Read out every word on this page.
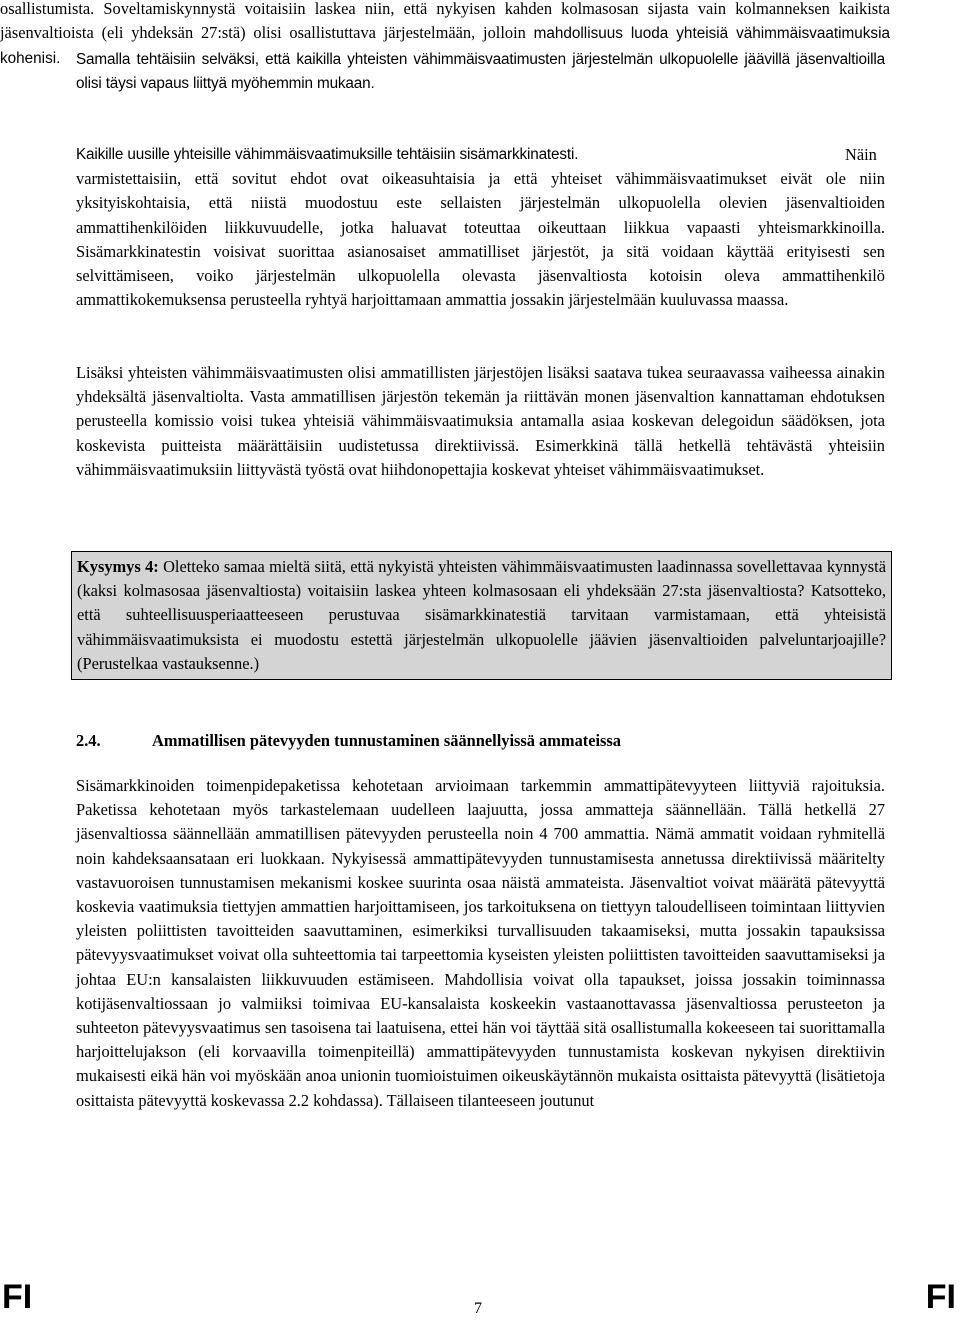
osallistumista. Soveltamiskynnystä voitaisiin laskea niin, että nykyisen kahden kolmasosan sijasta vain kolmanneksen kaikista jäsenvaltioista (eli yhdeksän 27:stä) olisi osallistuttava järjestelmään, jolloin mahdollisuus luoda yhteisiä vähimmäisvaatimuksia kohenisi.	Samalla tehtäisiin selväksi, että kaikilla yhteisten vähimmäisvaatimusten järjestelmän ulkopuolelle jäävillä jäsenvaltioilla olisi täysi vapaus liittyä myöhemmin mukaan.

Kaikille uusille yhteisille vähimmäisvaatimuksille tehtäisiin sisämarkkinatesti.	Näin varmistettaisiin, että sovitut ehdot ovat oikeasuhtaisia ja että yhteiset vähimmäisvaatimukset eivät ole niin yksityiskohtaisia, että niistä muodostuu este sellaisten järjestelmän ulkopuolella olevien jäsenvaltioiden ammattihenkilöiden liikkuvuudelle, jotka haluavat toteuttaa oikeuttaan liikkua vapaasti yhteismarkkinoilla. Sisämarkkinatestin voisivat suorittaa asianosaiset ammatilliset järjestöt, ja sitä voidaan käyttää erityisesti sen selvittämiseen, voiko järjestelmän ulkopuolella olevasta jäsenvaltiosta kotoisin oleva ammattihenkilö ammattikokemuksensa perusteella ryhtyä harjoittamaan ammattia jossakin järjestelmään kuuluvassa maassa.

Lisäksi yhteisten vähimmäisvaatimusten olisi ammatillisten järjestöjen lisäksi saatava tukea seuraavassa vaiheessa ainakin yhdeksältä jäsenvaltiolta. Vasta ammatillisen järjestön tekemän ja riittävän monen jäsenvaltion kannattaman ehdotuksen perusteella komissio voisi tukea yhteisiä vähimmäisvaatimuksia antamalla asiaa koskevan delegoidun säädöksen, jota koskevista puitteista määrättäisiin uudistetussa direktiivissä. Esimerkkinä tällä hetkellä tehtävästä yhteisiin vähimmäisvaatimuksiin liittyvästä työstä ovat hiihdonopettajia koskevat yhteiset vähimmäisvaatimukset.

Kysymys 4: Oletteko samaa mieltä siitä, että nykyistä yhteisten vähimmäisvaatimusten laadinnassa sovellettavaa kynnystä (kaksi kolmasosaa jäsenvaltiosta) voitaisiin laskea yhteen kolmasosaan eli yhdeksään 27:sta jäsenvaltiosta? Katsotteko, että suhteellisuusperiaatteeseen perustuvaa sisämarkkinatestiä tarvitaan varmistamaan, että yhteisistä vähimmäisvaatimuksista ei muodostu estettä järjestelmän ulkopuolelle jäävien jäsenvaltioiden palveluntarjoajille? (Perustelkaa vastauksenne.)
2.4.	Ammatillisen pätevyyden tunnustaminen säännellyissä ammateissa

Sisämarkkinoiden toimenpidepaketissa kehotetaan arvioimaan tarkemmin ammattipätevyyteen liittyviä rajoituksia. Paketissa kehotetaan myös tarkastelemaan uudelleen laajuutta, jossa ammatteja säännellään. Tällä hetkellä 27 jäsenvaltiossa säännellään ammatillisen pätevyyden perusteella noin 4 700 ammattia. Nämä ammatit voidaan ryhmitellä noin kahdeksaansataan eri luokkaan. Nykyisessä ammattipätevyyden tunnustamisesta annetussa direktiivissä määritelty vastavuoroisen tunnustamisen mekanismi koskee suurinta osaa näistä ammateista. Jäsenvaltiot voivat määrätä pätevyyttä koskevia vaatimuksia tiettyjen ammattien harjoittamiseen, jos tarkoituksena on tiettyyn taloudelliseen toimintaan liittyvien yleisten poliittisten tavoitteiden saavuttaminen, esimerkiksi turvallisuuden takaamiseksi, mutta jossakin tapauksissa pätevyysvaatimukset voivat olla suhteettomia tai tarpeettomia kyseisten yleisten poliittisten tavoitteiden saavuttamiseksi ja johtaa EU:n kansalaisten liikkuvuuden estämiseen. Mahdollisia voivat olla tapaukset, joissa jossakin toiminnassa kotijäsenvaltiossaan jo valmiiksi toimivaa EU-kansalaista koskeekin vastaanottavassa jäsenvaltiossa perusteeton ja suhteeton pätevyysvaatimus sen tasoisena tai laatuisena, ettei hän voi täyttää sitä osallistumalla kokeeseen tai suorittamalla harjoittelujakson (eli korvaavilla toimenpiteillä) ammattipätevyyden tunnustamista koskevan nykyisen direktiivin mukaisesti eikä hän voi myöskään anoa unionin tuomioistuimen oikeuskäytännön mukaista osittaista pätevyyttä (lisätietoja osittaista pätevyyttä koskevassa 2.2 kohdassa). Tällaiseen tilanteeseen joutunut

FI	7	FI
